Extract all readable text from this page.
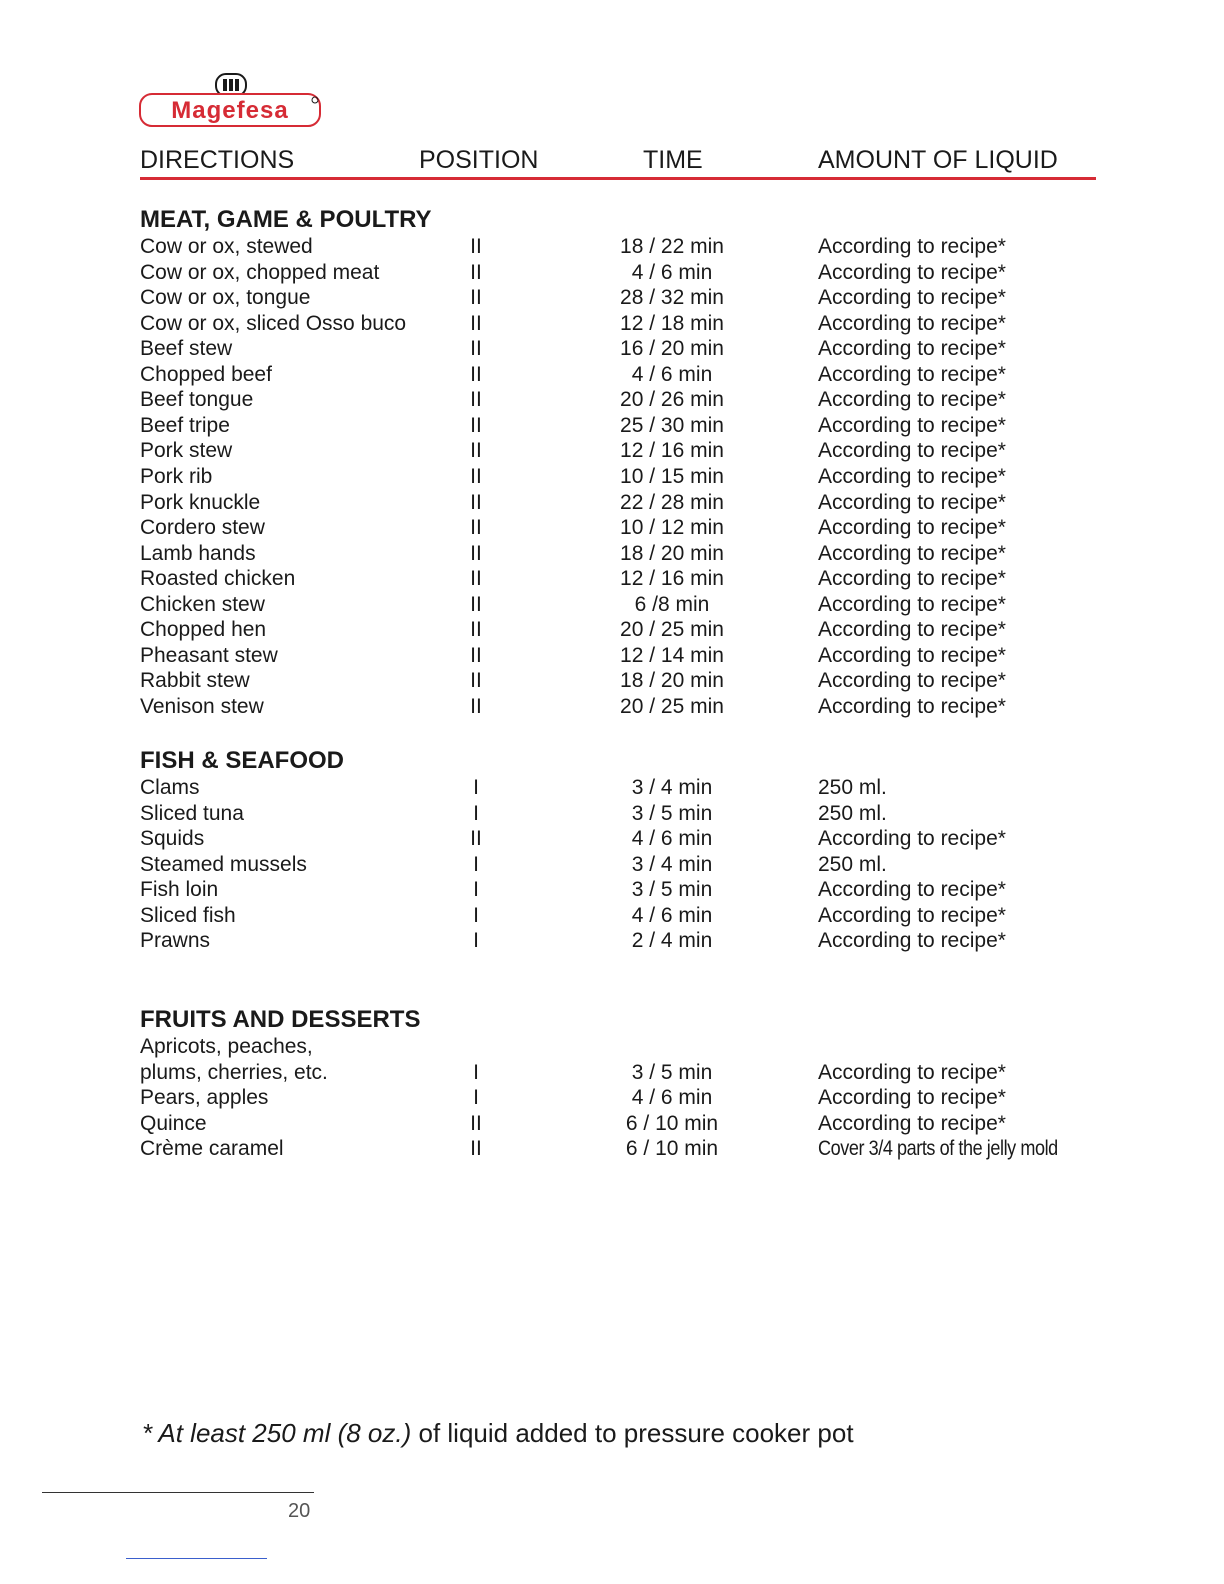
Magefesa
DIRECTIONS	POSITION	TIME	AMOUNT OF LIQUID
MEAT, GAME & POULTRY
Cow or ox, stewed	II	18 / 22 min	According to recipe*
Cow or ox, chopped meat	II	4 / 6 min	According to recipe*
Cow or ox, tongue	II	28 / 32 min	According to recipe*
Cow or ox, sliced Osso buco	II	12 / 18 min	According to recipe*
Beef stew	II	16 / 20 min	According to recipe*
Chopped beef	II	4 / 6 min	According to recipe*
Beef tongue	II	20 / 26 min	According to recipe*
Beef tripe	II	25 / 30 min	According to recipe*
Pork stew	II	12 / 16 min	According to recipe*
Pork rib	II	10 / 15 min	According to recipe*
Pork knuckle	II	22 / 28 min	According to recipe*
Cordero stew	II	10 / 12 min	According to recipe*
Lamb hands	II	18 / 20 min	According to recipe*
Roasted chicken	II	12 / 16 min	According to recipe*
Chicken stew	II	6 /8 min	According to recipe*
Chopped hen	II	20 / 25 min	According to recipe*
Pheasant stew	II	12 / 14 min	According to recipe*
Rabbit stew	II	18 / 20 min	According to recipe*
Venison stew	II	20 / 25 min	According to recipe*
FISH & SEAFOOD
Clams	I	3 / 4 min	250 ml.
Sliced tuna	I	3 / 5 min	250 ml.
Squids	II	4 / 6 min	According to recipe*
Steamed mussels	I	3 / 4 min	250 ml.
Fish loin	I	3 / 5 min	According to recipe*
Sliced fish	I	4 / 6 min	According to recipe*
Prawns	I	2 / 4 min	According to recipe*
FRUITS AND DESSERTS
Apricots, peaches,
plums, cherries, etc.	I	3 / 5 min	According to recipe*
Pears, apples	I	4 / 6 min	According to recipe*
Quince	II	6 / 10 min	According to recipe*
Crème caramel	II	6 / 10 min	Cover 3/4 parts of the jelly mold
* At least 250 ml (8 oz.) of liquid added to pressure cooker pot
20
